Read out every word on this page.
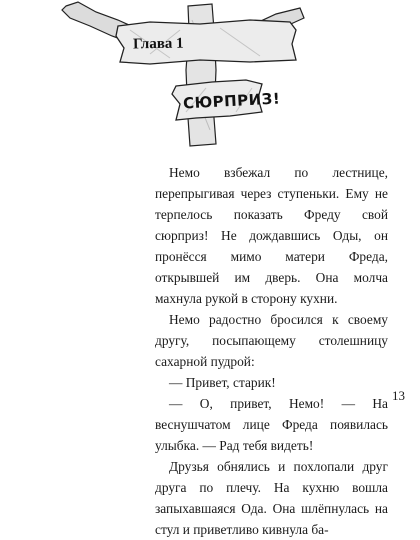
Глава 1

СЮРПРИЗ!

Немо взбежал по лестнице, перепрыгивая через ступеньки. Ему не терпелось показать Фреду свой сюрприз! Не дождавшись Оды, он пронёсся мимо матери Фреда, открывшей им дверь. Она молча махнула рукой в сторону кухни.

Немо радостно бросился к своему другу, посыпающему столешницу сахарной пудрой:

— Привет, старик!

— О, привет, Немо! — На веснушчатом лице Фреда появилась улыбка. — Рад тебя видеть!

Друзья обнялись и похлопали друг друга по плечу. На кухню вошла запыхавшаяся Ода. Она шлёпнулась на стул и приветливо кивнула ба-

13
